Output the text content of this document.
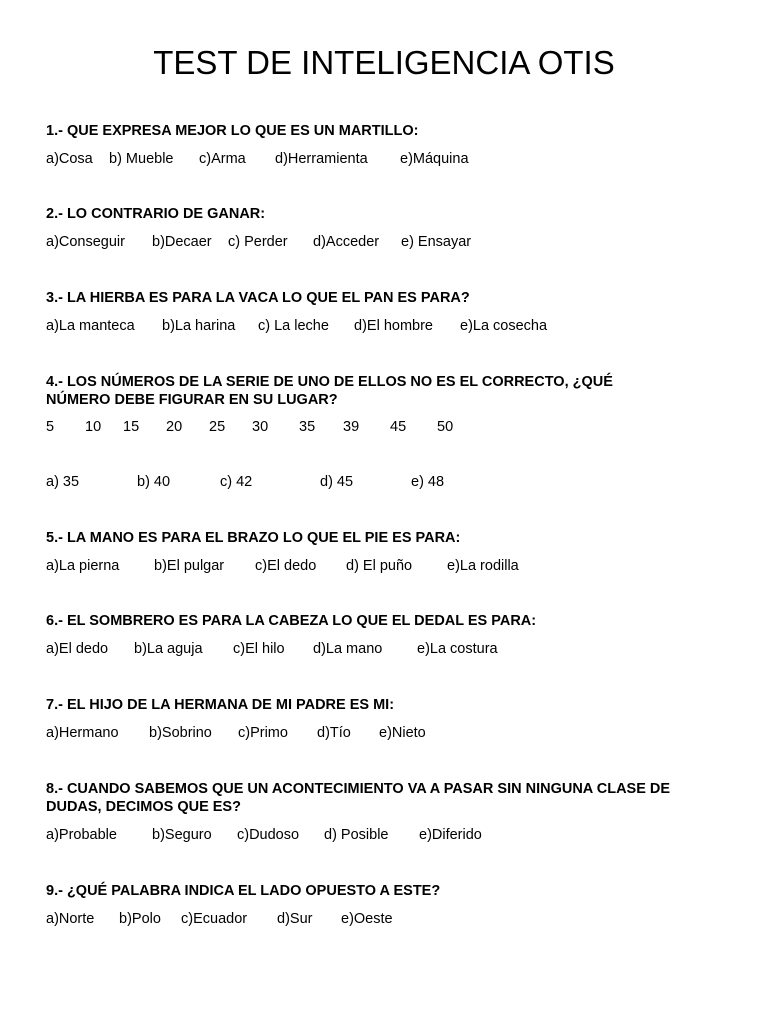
TEST DE INTELIGENCIA OTIS

1.- QUE EXPRESA MEJOR LO QUE ES UN MARTILLO:

a)Cosa b) Mueble c)Arma d)Herramienta e)Máquina

2.- LO CONTRARIO DE GANAR:

a)Conseguir b)Decaer c) Perder d)Acceder e) Ensayar

3.- LA HIERBA ES PARA LA VACA LO QUE EL PAN ES PARA?

a)La manteca b)La harina c) La leche d)El hombre e)La cosecha

4.- LOS NÚMEROS DE LA SERIE DE UNO DE ELLOS NO ES EL CORRECTO, ¿QUÉ
NÚMERO DEBE FIGURAR EN SU LUGAR?

5 10 15 20 25 30 35 39 45 50
a) 35	b) 40	c) 42	d) 45	e) 48

5.- LA MANO ES PARA EL BRAZO LO QUE EL PIE ES PARA:

a)La pierna b)El pulgar c)El dedo d) El puño e)La rodilla

6.- EL SOMBRERO ES PARA LA CABEZA LO QUE EL DEDAL ES PARA:

a)El dedo b)La aguja c)El hilo d)La mano e)La costura

7.- EL HIJO DE LA HERMANA DE MI PADRE ES MI:

a)Hermano b)Sobrino c)Primo d)Tío e)Nieto

8.- CUANDO SABEMOS QUE UN ACONTECIMIENTO VA A PASAR SIN NINGUNA CLASE DE
DUDAS, DECIMOS QUE ES?

a)Probable b)Seguro c)Dudoso d) Posible e)Diferido

9.- ¿QUÉ PALABRA INDICA EL LADO OPUESTO A ESTE?

a)Norte b)Polo c)Ecuador d)Sur e)Oeste
